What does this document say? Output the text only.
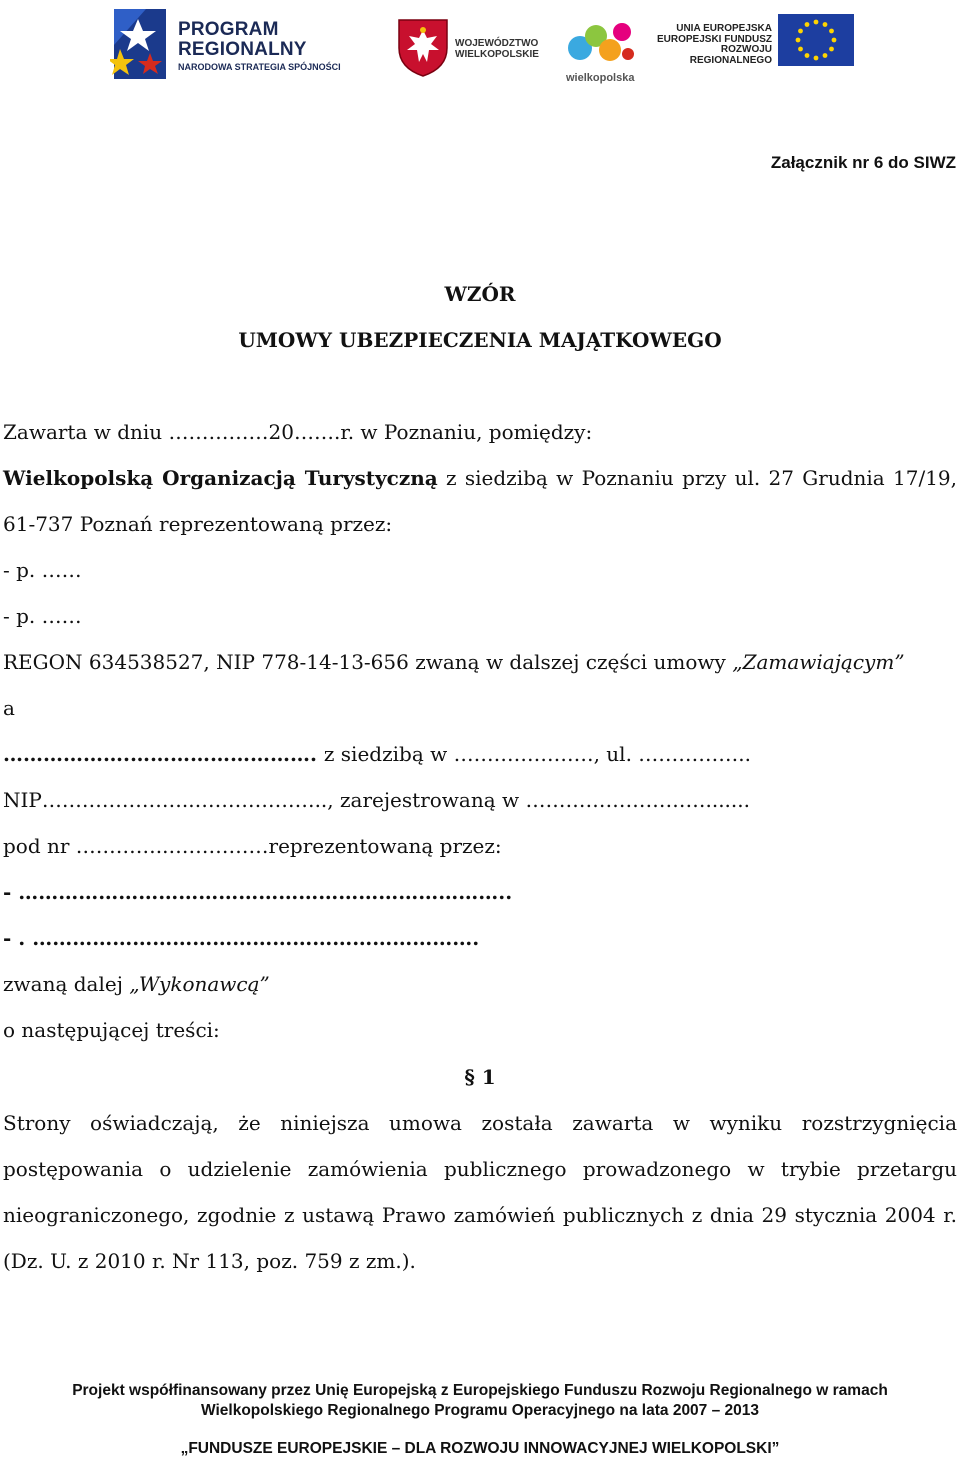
PROGRAM
REGIONALNY
NARODOWA STRATEGIA SPÓJNOŚCI
WOJEWÓDZTWO
WIELKOPOLSKIE
wielkopolska
UNIA EUROPEJSKA
EUROPEJSKI FUNDUSZ
ROZWOJU REGIONALNEGO
Załącznik nr 6 do SIWZ
WZÓR
UMOWY UBEZPIECZENIA MAJĄTKOWEGO
Zawarta w dniu ……………20…….r. w Poznaniu, pomiędzy:
Wielkopolską Organizacją Turystyczną z siedzibą w Poznaniu przy ul. 27 Grudnia 17/19,
61-737 Poznań reprezentowaną przez:
- p. ……
- p. ……
REGON 634538527, NIP 778-14-13-656 zwaną w dalszej części umowy „Zamawiającym”
a
……………….………………………. z siedzibą w …………………, ul. ……………..
NIP…………………..……………….., zarejestrowaną w ……………………….......
pod nr …………..……………reprezentowaną przez:
- ………………………………………………………………..
- . ………………………………………………………….
zwaną dalej „Wykonawcą”
o następującej treści:
§ 1
Strony oświadczają, że niniejsza umowa została zawarta w wyniku rozstrzygnięcia
postępowania o udzielenie zamówienia publicznego prowadzonego w trybie przetargu
nieograniczonego, zgodnie z ustawą Prawo zamówień publicznych z dnia 29 stycznia 2004 r.
(Dz. U. z 2010 r. Nr 113, poz. 759 z zm.).
Projekt współfinansowany przez Unię Europejską z Europejskiego Funduszu Rozwoju Regionalnego w ramach
Wielkopolskiego Regionalnego Programu Operacyjnego na lata 2007 – 2013
„FUNDUSZE EUROPEJSKIE – DLA ROZWOJU INNOWACYJNEJ WIELKOPOLSKI”
